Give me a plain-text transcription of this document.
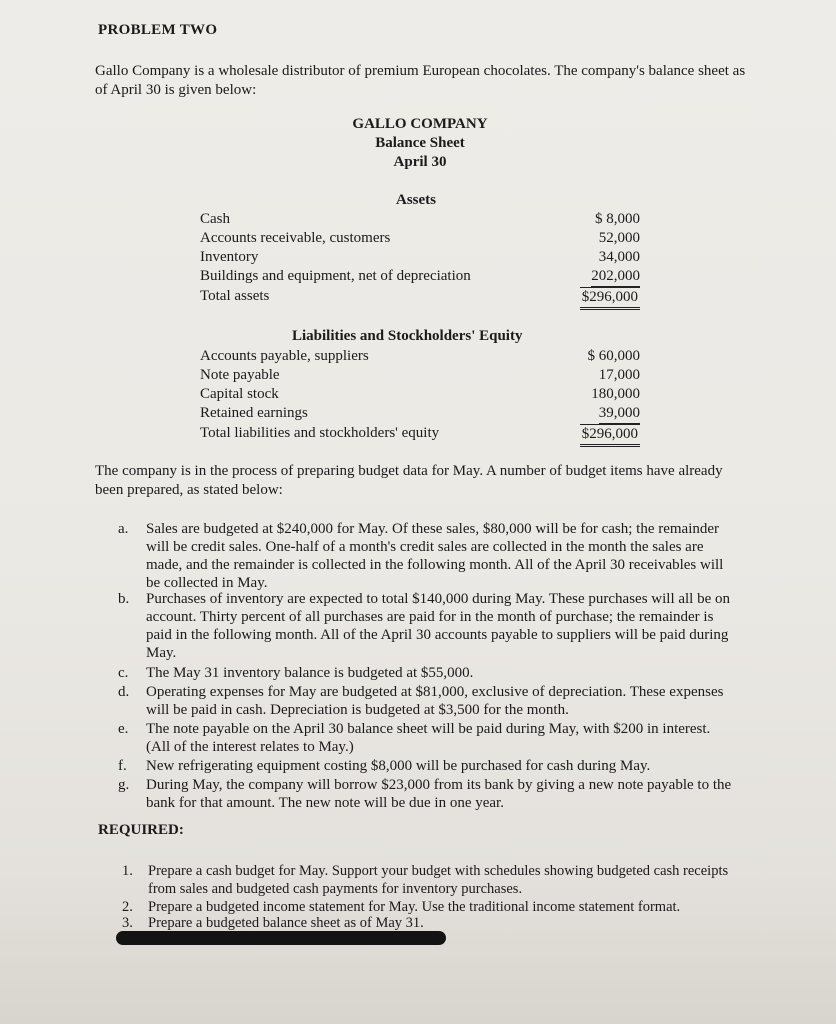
PROBLEM TWO
Gallo Company is a wholesale distributor of premium European chocolates. The company's balance sheet as of April 30 is given below:
GALLO COMPANY
Balance Sheet
April 30
Assets
Cash	$ 8,000
Accounts receivable, customers	52,000
Inventory	34,000
Buildings and equipment, net of depreciation	202,000
Total assets	$296,000
Liabilities and Stockholders' Equity
Accounts payable, suppliers	$ 60,000
Note payable	17,000
Capital stock	180,000
Retained earnings	39,000
Total liabilities and stockholders' equity	$296,000
The company is in the process of preparing budget data for May. A number of budget items have already been prepared, as stated below:
a.	Sales are budgeted at $240,000 for May. Of these sales, $80,000 will be for cash; the remainder will be credit sales. One-half of a month's credit sales are collected in the month the sales are made, and the remainder is collected in the following month. All of the April 30 receivables will be collected in May.
b.	Purchases of inventory are expected to total $140,000 during May. These purchases will all be on account. Thirty percent of all purchases are paid for in the month of purchase; the remainder is paid in the following month. All of the April 30 accounts payable to suppliers will be paid during May.
c.	The May 31 inventory balance is budgeted at $55,000.
d.	Operating expenses for May are budgeted at $81,000, exclusive of depreciation. These expenses will be paid in cash. Depreciation is budgeted at $3,500 for the month.
e.	The note payable on the April 30 balance sheet will be paid during May, with $200 in interest. (All of the interest relates to May.)
f.	New refrigerating equipment costing $8,000 will be purchased for cash during May.
g.	During May, the company will borrow $23,000 from its bank by giving a new note payable to the bank for that amount. The new note will be due in one year.
REQUIRED:
1. Prepare a cash budget for May. Support your budget with schedules showing budgeted cash receipts from sales and budgeted cash payments for inventory purchases.
2. Prepare a budgeted income statement for May. Use the traditional income statement format.
3. Prepare a budgeted balance sheet as of May 31.
